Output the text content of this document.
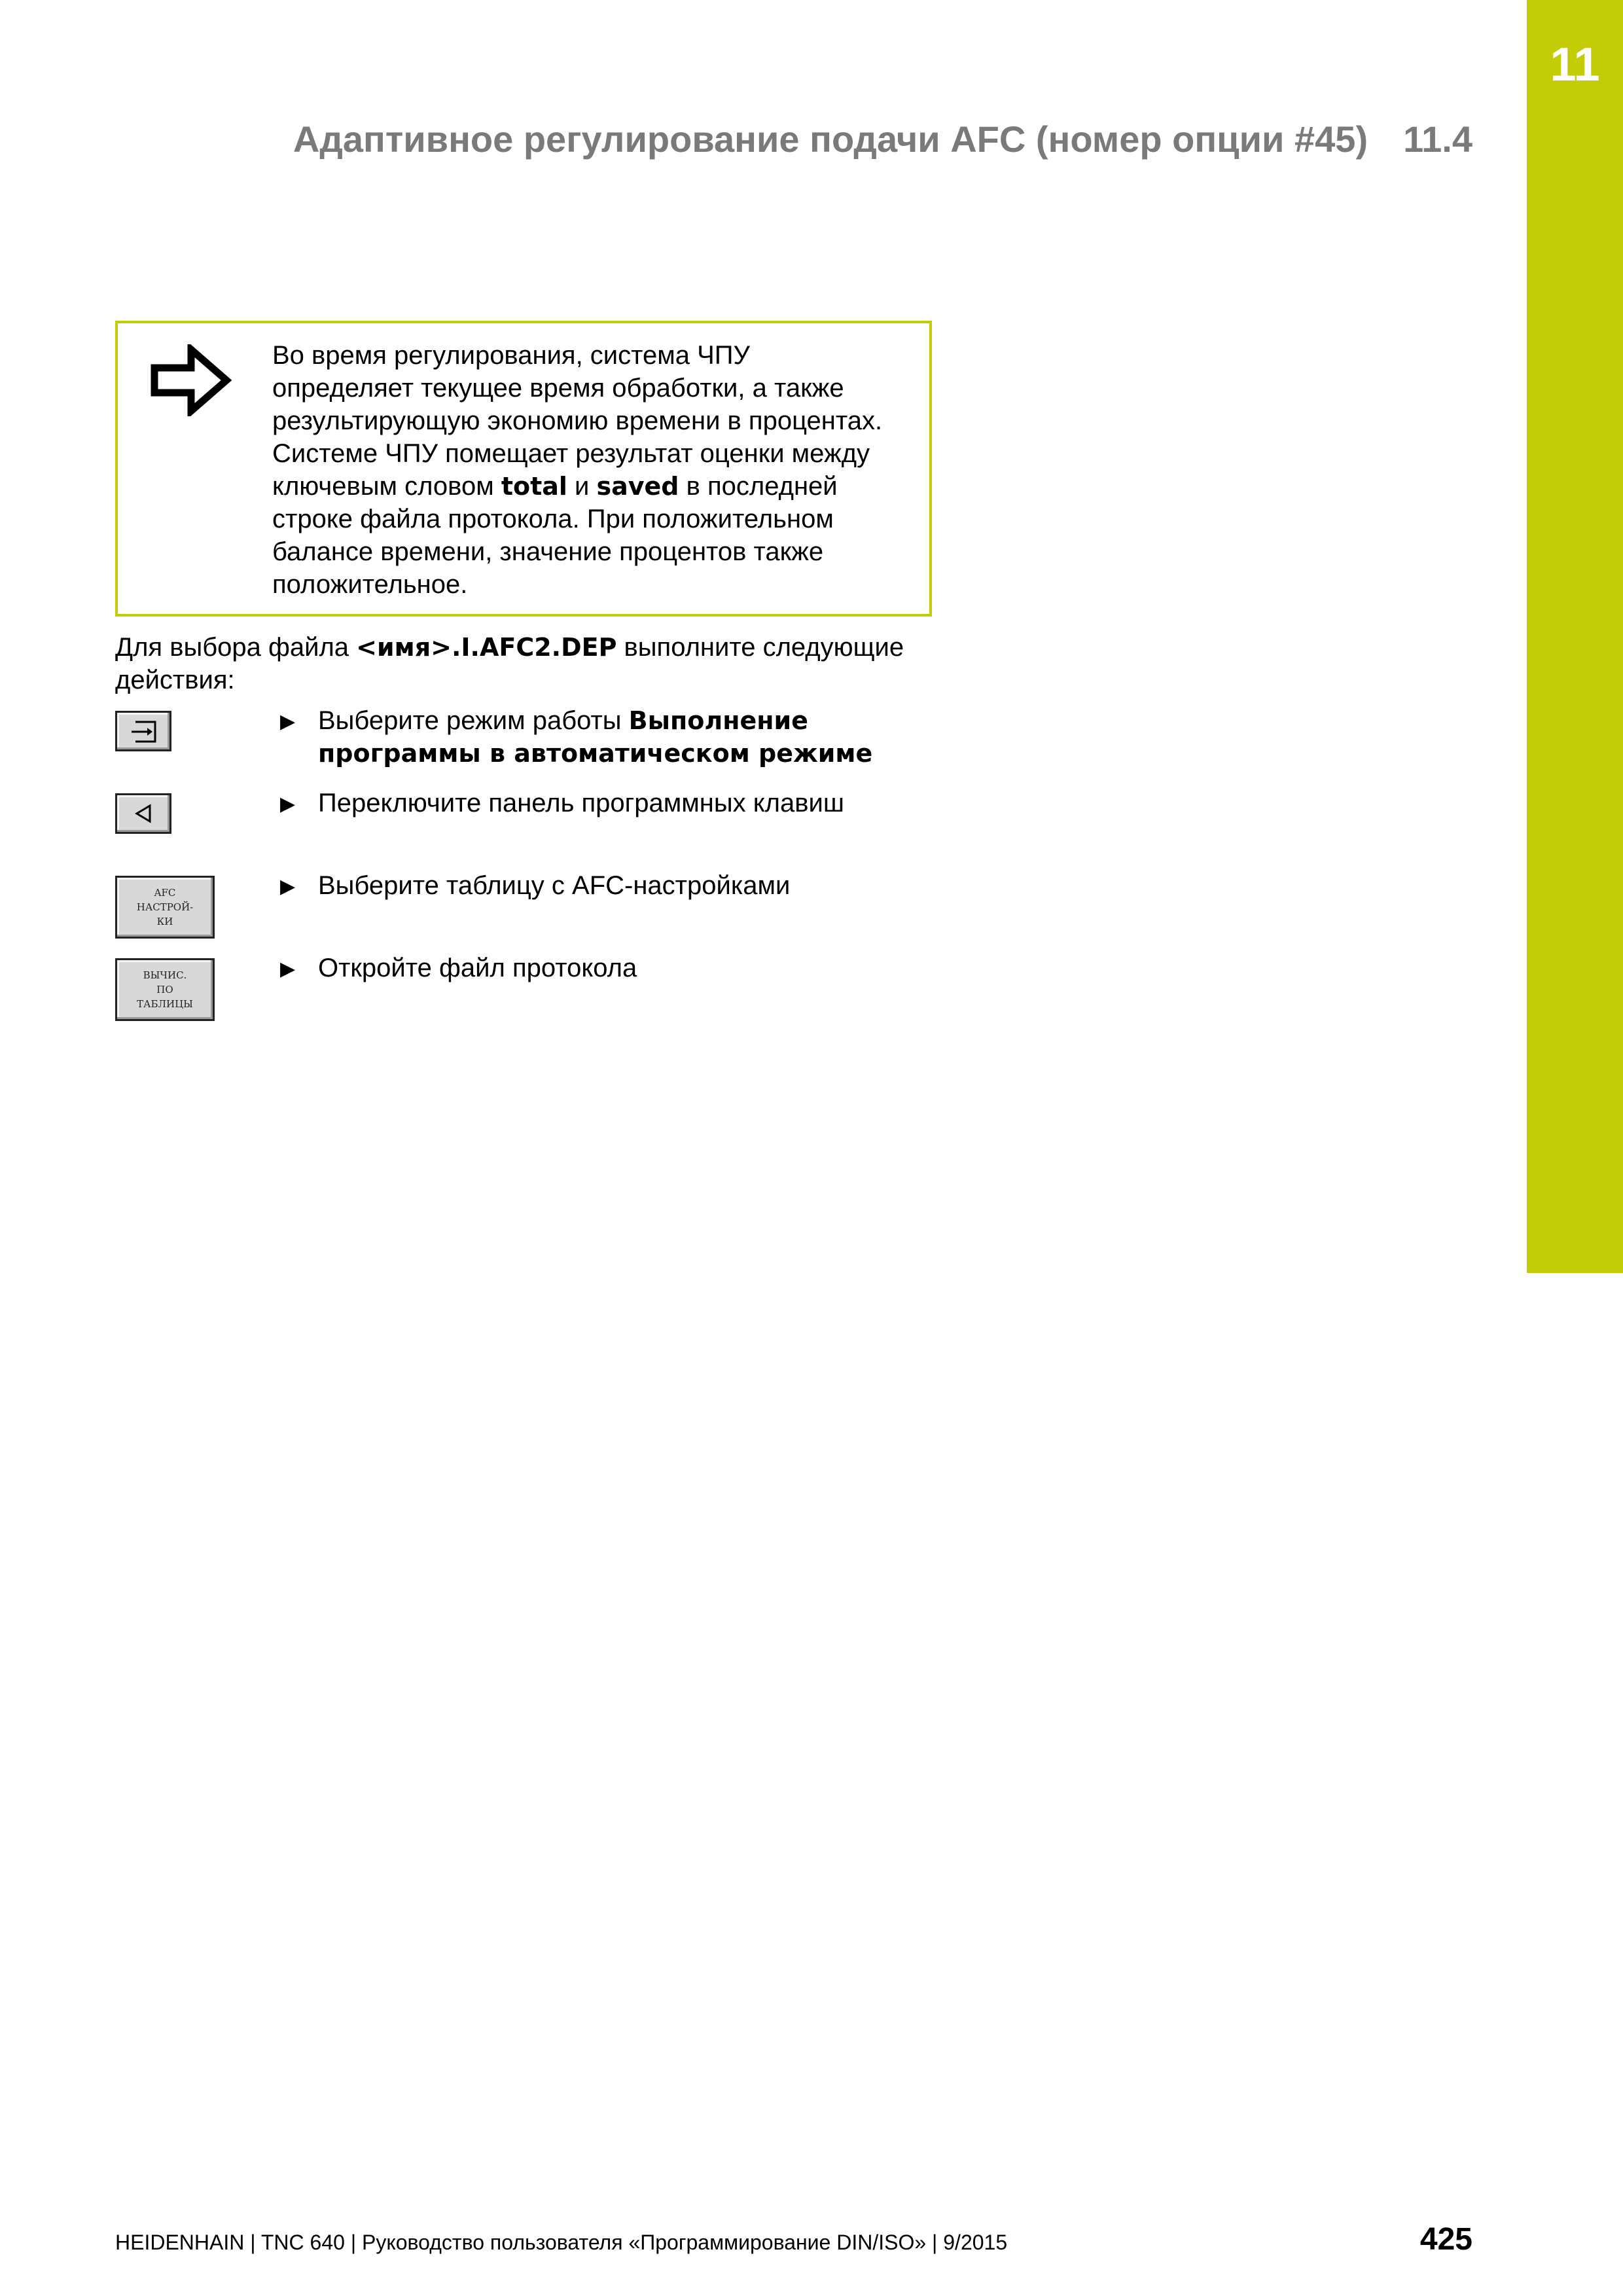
11
Адаптивное регулирование подачи AFC (номер опции #45) 11.4
Во время регулирования, система ЧПУ
определяет текущее время обработки, а также
результирующую экономию времени в процентах.
Системе ЧПУ помещает результат оценки между
ключевым словом total и saved в последней
строке файла протокола. При положительном
балансе времени, значение процентов также
положительное.
Для выбора файла <имя>.I.AFC2.DEP выполните следующие
действия:
▶ Выберите режим работы Выполнение программы в автоматическом режиме
▶ Переключите панель программных клавиш
AFC
НАСТРОЙ-
КИ
▶ Выберите таблицу с AFC-настройками
ВЫЧИС.
ПО
ТАБЛИЦЫ
▶ Откройте файл протокола
HEIDENHAIN | TNC 640 | Руководство пользователя «Программирование DIN/ISO» | 9/2015	425
